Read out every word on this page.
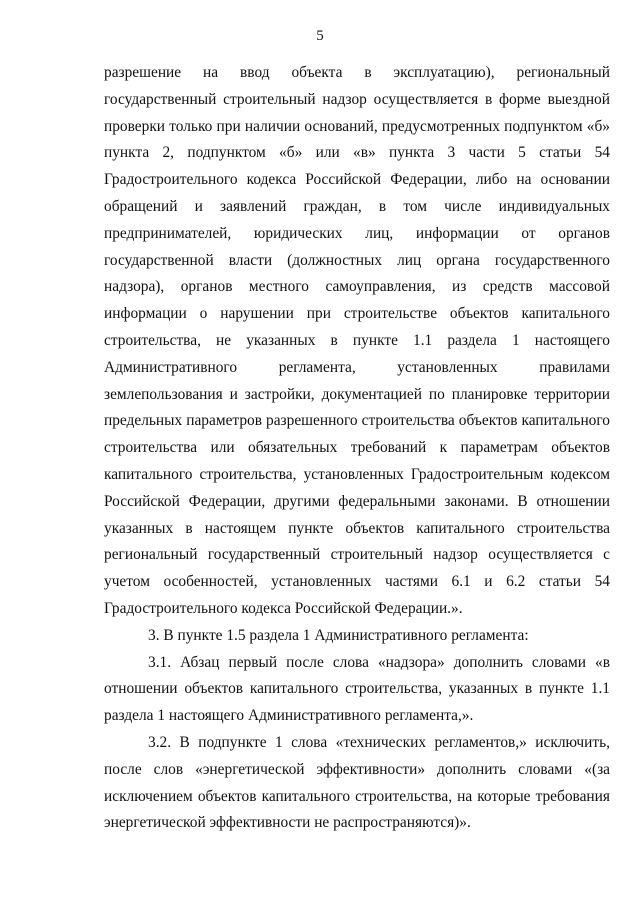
5

разрешение на ввод объекта в эксплуатацию), региональный государственный строительный надзор осуществляется в форме выездной проверки только при наличии оснований, предусмотренных подпунктом «б» пункта 2, подпунктом «б» или «в» пункта 3 части 5 статьи 54 Градостроительного кодекса Российской Федерации, либо на основании обращений и заявлений граждан, в том числе индивидуальных предпринимателей, юридических лиц, информации от органов государственной власти (должностных лиц органа государственного надзора), органов местного самоуправления, из средств массовой информации о нарушении при строительстве объектов капитального строительства, не указанных в пункте 1.1 раздела 1 настоящего Административного регламента, установленных правилами землепользования и застройки, документацией по планировке территории предельных параметров разрешенного строительства объектов капитального строительства или обязательных требований к параметрам объектов капитального строительства, установленных Градостроительным кодексом Российской Федерации, другими федеральными законами. В отношении указанных в настоящем пункте объектов капитального строительства региональный государственный строительный надзор осуществляется с учетом особенностей, установленных частями 6.1 и 6.2 статьи 54 Градостроительного кодекса Российской Федерации.».

3. В пункте 1.5 раздела 1 Административного регламента:

3.1. Абзац первый после слова «надзора» дополнить словами «в отношении объектов капитального строительства, указанных в пункте 1.1 раздела 1 настоящего Административного регламента,».

3.2. В подпункте 1 слова «технических регламентов,» исключить, после слов «энергетической эффективности» дополнить словами «(за исключением объектов капитального строительства, на которые требования энергетической эффективности не распространяются)».
